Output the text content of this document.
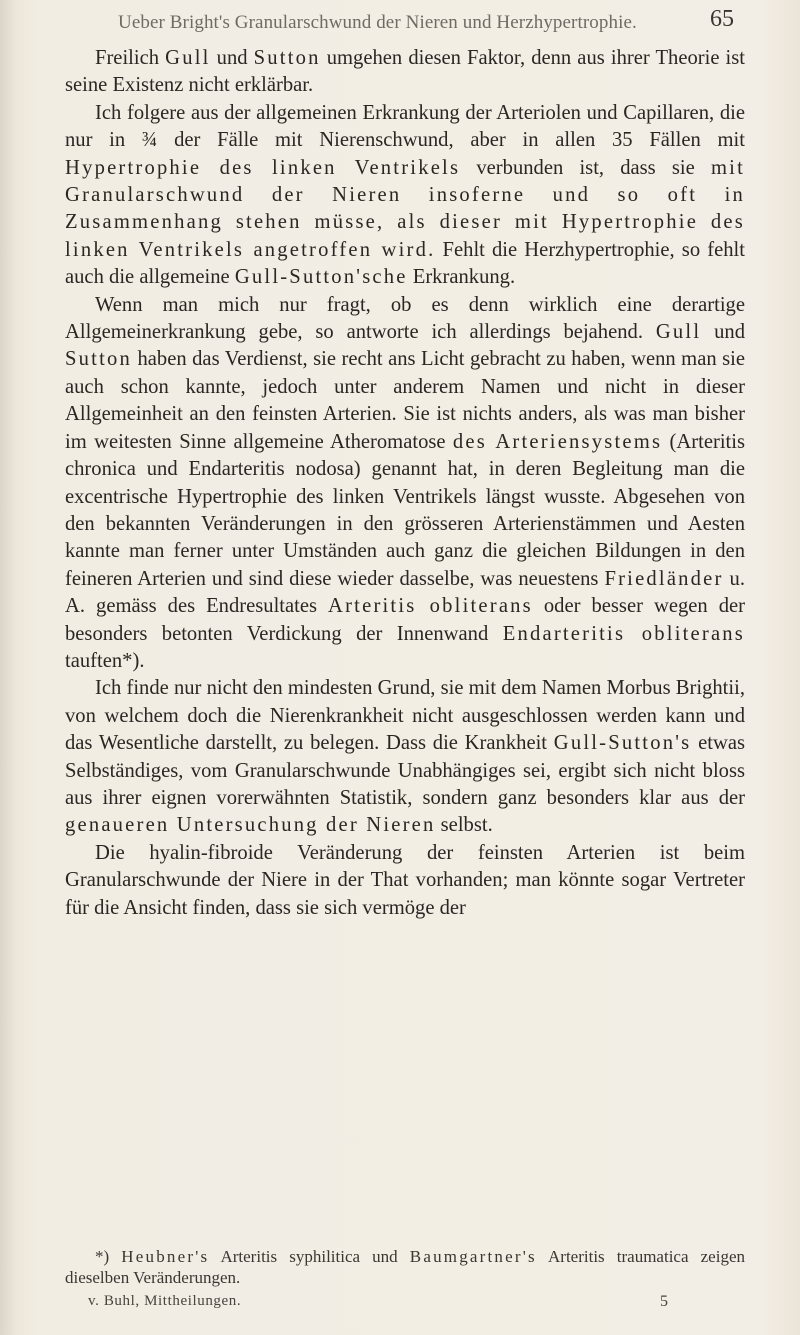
Ueber Bright's Granularschwund der Nieren und Herzhypertrophie.	65

Freilich Gull und Sutton umgehen diesen Faktor, denn aus ihrer Theorie ist seine Existenz nicht erklärbar.

Ich folgere aus der allgemeinen Erkrankung der Arteriolen und Capillaren, die nur in ¾ der Fälle mit Nierenschwund, aber in allen 35 Fällen mit Hypertrophie des linken Ventrikels verbunden ist, dass sie mit Granularschwund der Nieren insoferne und so oft in Zusammenhang stehen müsse, als dieser mit Hypertrophie des linken Ventrikels angetroffen wird. Fehlt die Herzhypertrophie, so fehlt auch die allgemeine Gull-Sutton'sche Erkrankung.

Wenn man mich nur fragt, ob es denn wirklich eine derartige Allgemeinerkrankung gebe, so antworte ich allerdings bejahend. Gull und Sutton haben das Verdienst, sie recht ans Licht gebracht zu haben, wenn man sie auch schon kannte, jedoch unter anderem Namen und nicht in dieser Allgemeinheit an den feinsten Arterien. Sie ist nichts anders, als was man bisher im weitesten Sinne allgemeine Atheromatose des Arteriensystems (Arteritis chronica und Endarteritis nodosa) genannt hat, in deren Begleitung man die excentrische Hypertrophie des linken Ventrikels längst wusste. Abgesehen von den bekannten Veränderungen in den grösseren Arterienstämmen und Aesten kannte man ferner unter Umständen auch ganz die gleichen Bildungen in den feineren Arterien und sind diese wieder dasselbe, was neuestens Friedländer u. A. gemäss des Endresultates Arteritis obliterans oder besser wegen der besonders betonten Verdickung der Innenwand Endarteritis obliterans tauften*).

Ich finde nur nicht den mindesten Grund, sie mit dem Namen Morbus Brightii, von welchem doch die Nierenkrankheit nicht ausgeschlossen werden kann und das Wesentliche darstellt, zu belegen. Dass die Krankheit Gull-Sutton's etwas Selbständiges, vom Granularschwunde Unabhängiges sei, ergibt sich nicht bloss aus ihrer eignen vorerwähnten Statistik, sondern ganz besonders klar aus der genaueren Untersuchung der Nieren selbst.

Die hyalin-fibroide Veränderung der feinsten Arterien ist beim Granularschwunde der Niere in der That vorhanden; man könnte sogar Vertreter für die Ansicht finden, dass sie sich vermöge der

*) Heubner's Arteritis syphilitica und Baumgartner's Arteritis traumatica zeigen dieselben Veränderungen.

v. Buhl, Mittheilungen.	5
